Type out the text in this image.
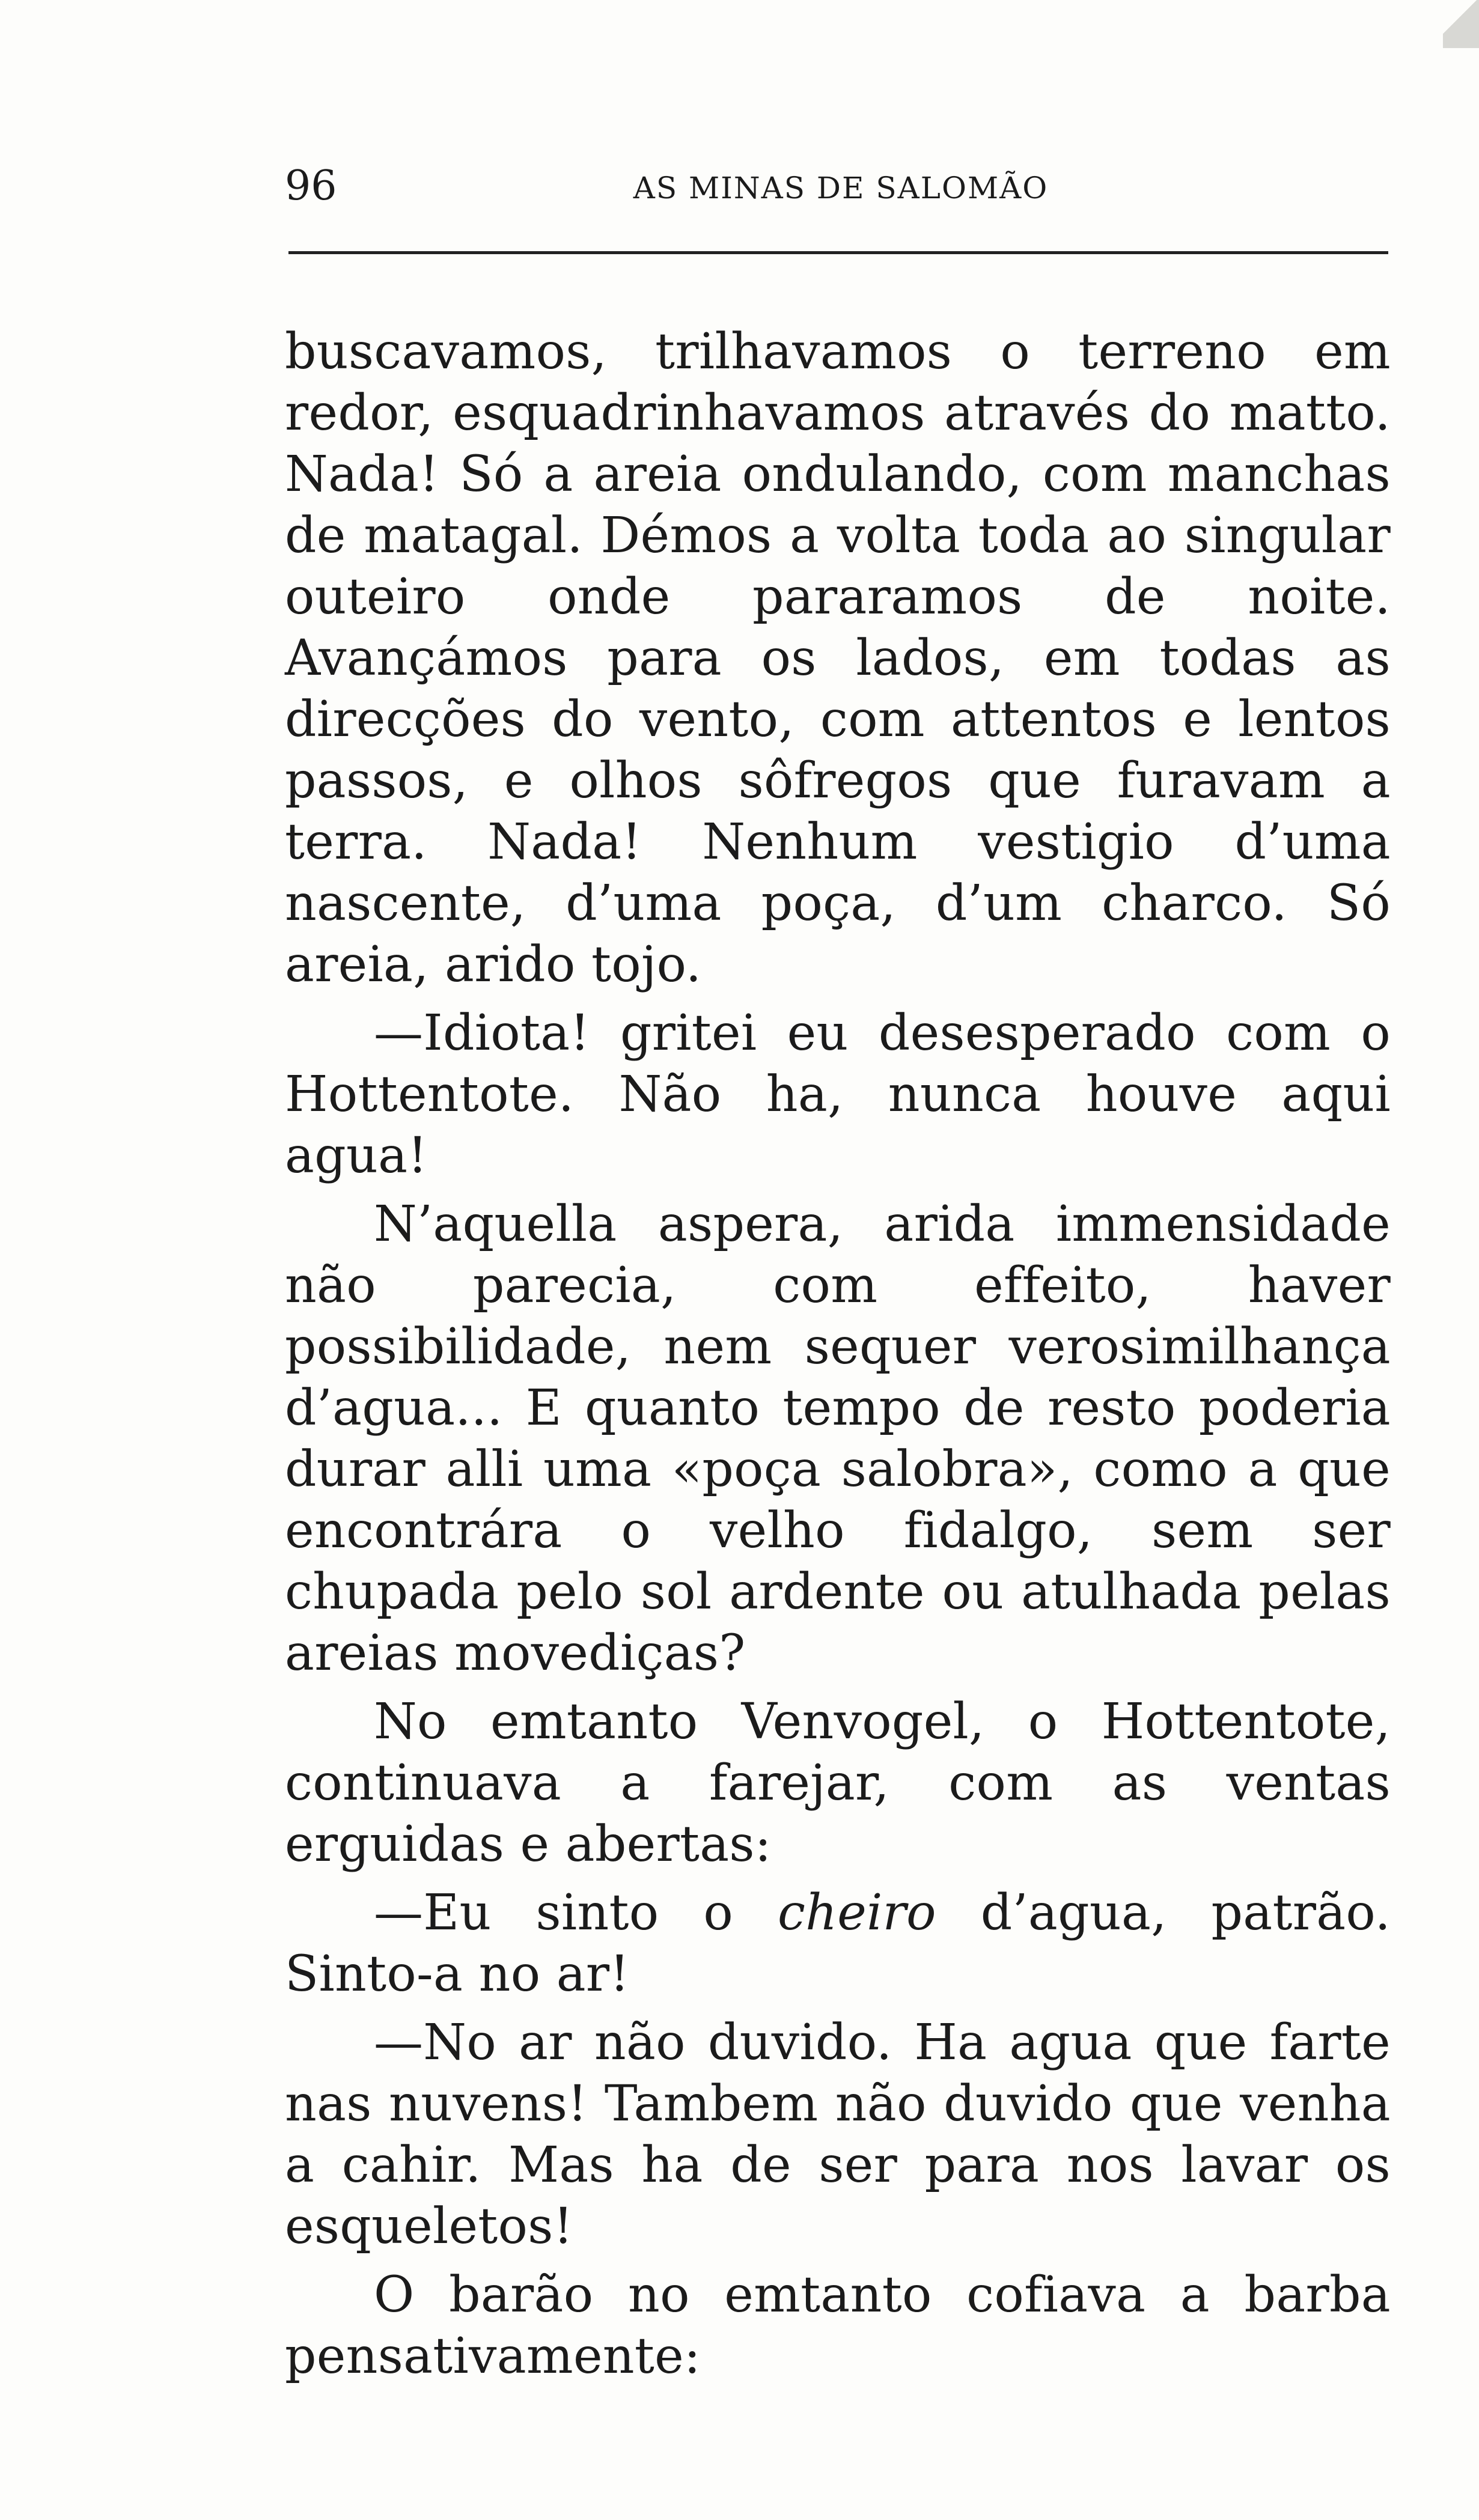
96	AS MINAS DE SALOMÃO

buscavamos, trilhavamos o terreno em redor, esquadrinhavamos através do matto. Nada! Só a areia ondulando, com manchas de matagal. Démos a volta toda ao singular outeiro onde pararamos de noite. Avançámos para os lados, em todas as direcções do vento, com attentos e lentos passos, e olhos sôfregos que furavam a terra. Nada! Nenhum vestigio d’uma nascente, d’uma poça, d’um charco. Só areia, arido tojo.

—Idiota! gritei eu desesperado com o Hottentote. Não ha, nunca houve aqui agua!

N’aquella aspera, arida immensidade não parecia, com effeito, haver possibilidade, nem sequer verosimilhança d’agua... E quanto tempo de resto poderia durar alli uma «poça salobra», como a que encontrára o velho fidalgo, sem ser chupada pelo sol ardente ou atulhada pelas areias movediças?

No emtanto Venvogel, o Hottentote, continuava a farejar, com as ventas erguidas e abertas:

—Eu sinto o cheiro d’agua, patrão. Sinto-a no ar!

—No ar não duvido. Ha agua que farte nas nuvens! Tambem não duvido que venha a cahir. Mas ha de ser para nos lavar os esqueletos!

O barão no emtanto cofiava a barba pensativamente:
